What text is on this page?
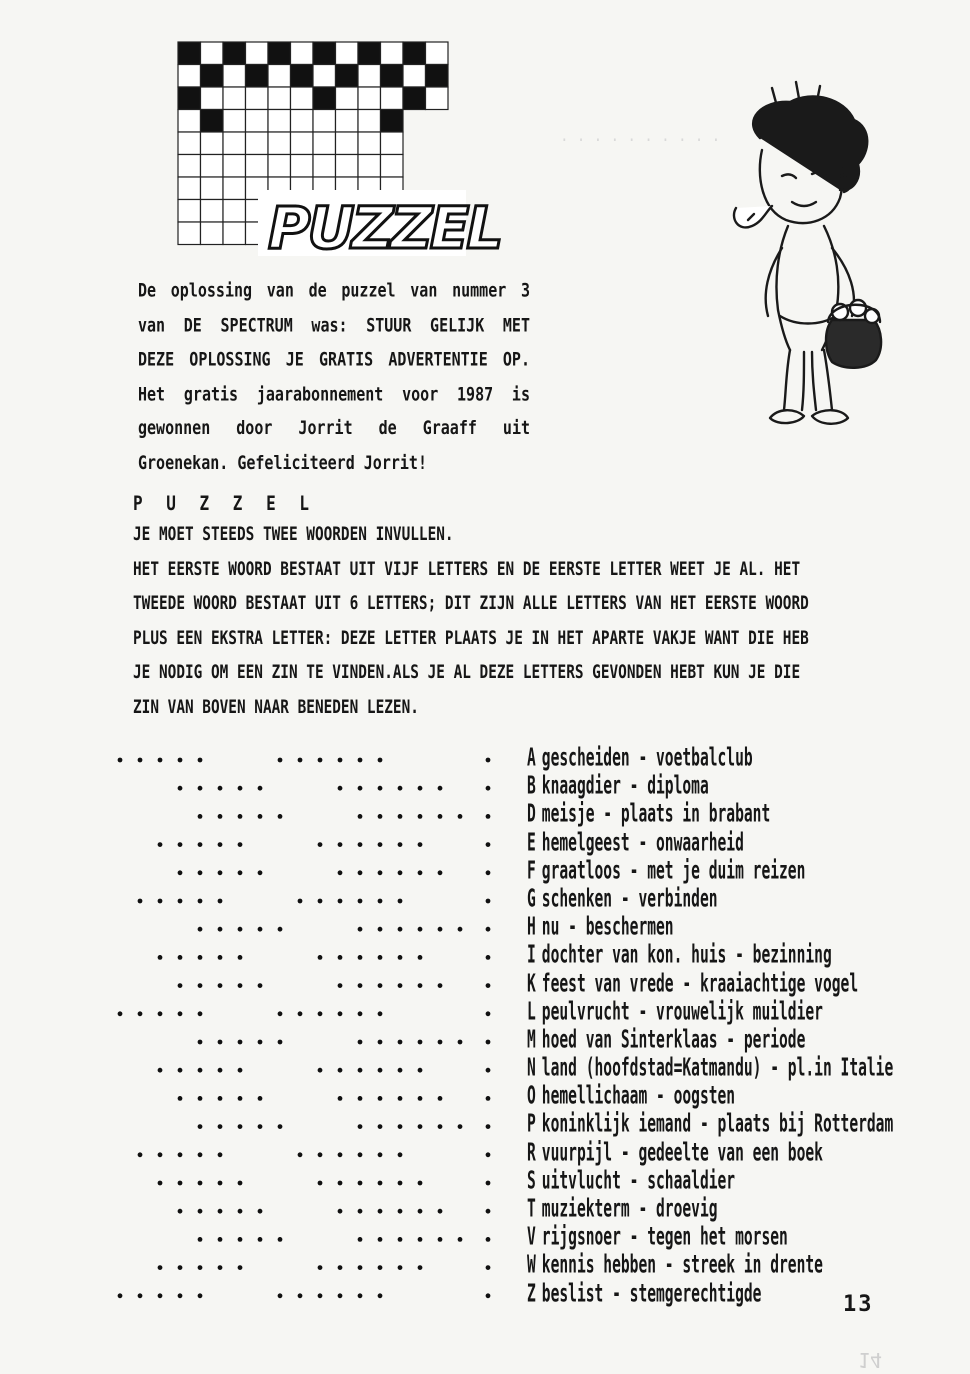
. . . . . . . . . .
PUZZEL

De oplossing van de puzzel van nummer 3

van DE SPECTRUM was: STUUR GELIJK MET

DEZE OPLOSSING JE GRATIS ADVERTENTIE OP.

Het gratis jaarabonnement voor 1987 is

gewonnen door Jorrit de Graaff uit

Groenekan. Gefeliciteerd Jorrit!

P U Z Z E L

JE MOET STEEDS TWEE WOORDEN INVULLEN.

HET EERSTE WOORD BESTAAT UIT VIJF LETTERS EN DE EERSTE LETTER WEET JE AL. HET

TWEEDE WOORD BESTAAT UIT 6 LETTERS; DIT ZIJN ALLE LETTERS VAN HET EERSTE WOORD

PLUS EEN EKSTRA LETTER: DEZE LETTER PLAATS JE IN HET APARTE VAKJE WANT DIE HEB

JE NODIG OM EEN ZIN TE VINDEN.ALS JE AL DEZE LETTERS GEVONDEN HEBT KUN JE DIE

ZIN VAN BOVEN NAAR BENEDEN LEZEN.

A gescheiden - voetbalclub
B knaagdier - diploma
D meisje - plaats in brabant
E hemelgeest - onwaarheid
F graatloos - met je duim reizen
G schenken - verbinden
H nu - beschermen
I dochter van kon. huis - bezinning
K feest van vrede - kraaiachtige vogel
L peulvrucht - vrouwelijk muildier
M hoed van Sinterklaas - periode
N land (hoofdstad=Katmandu) - pl.in Italie
O hemellichaam - oogsten
P koninklijk iemand - plaats bij Rotterdam
R vuurpijl - gedeelte van een boek
S uitvlucht - schaaldier
T muziekterm - droevig
V rijgsnoer - tegen het morsen
W kennis hebben - streek in drente
Z beslist - stemgerechtigde	13
14
